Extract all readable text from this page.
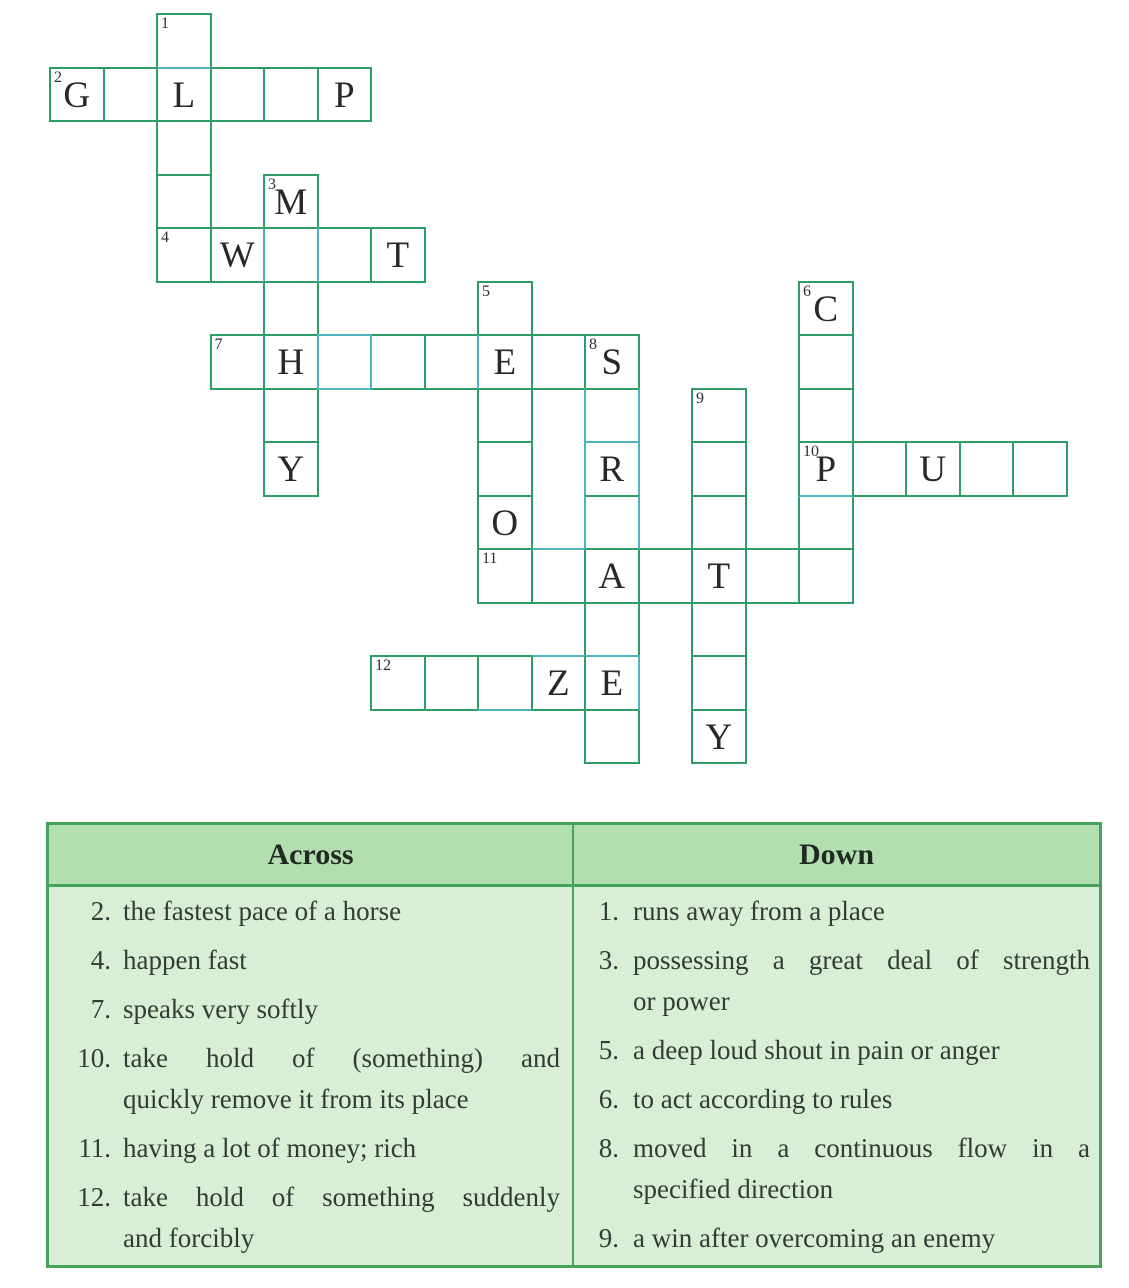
1
2 G L	P
3
M
4 W	T
5	6 C
7 H	E	8 S
9
Y	R	10
P U
O
11	A T
12	Z E
Y
Across	Down
2. the fastest pace of a horse
4. happen fast
7. speaks very softly
10. take hold of (something) and
quickly remove it from its place
11. having a lot of money; rich
12. take hold of something suddenly
and forcibly
1. runs away from a place
3. possessing a great deal of strength
or power
5. a deep loud shout in pain or anger
6. to act according to rules
8. moved in a continuous flow in a
specified direction
9. a win after overcoming an enemy
